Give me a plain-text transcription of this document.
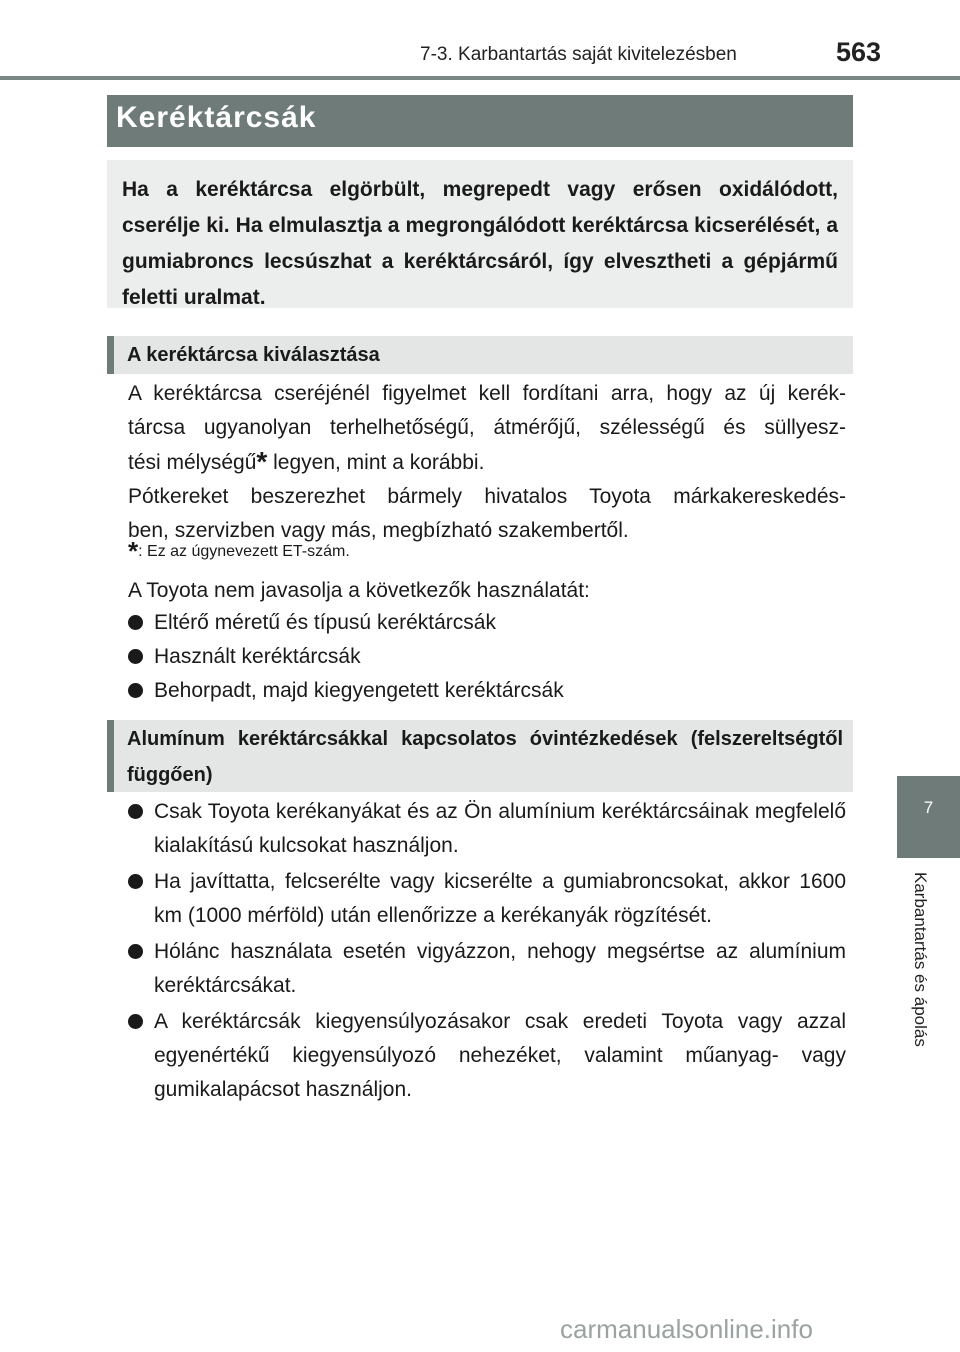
7-3. Karbantartás saját kivitelezésben	563
Keréktárcsák
Ha a keréktárcsa elgörbült, megrepedt vagy erősen oxidálódott, cserélje ki. Ha elmulasztja a megrongálódott keréktárcsa kicserélését, a gumiabroncs lecsúszhat a keréktárcsáról, így elvesztheti a gépjármű feletti uralmat.
A keréktárcsa kiválasztása
A keréktárcsa cseréjénél figyelmet kell fordítani arra, hogy az új kerék-
tárcsa ugyanolyan terhelhetőségű, átmérőjű, szélességű és süllyesz-
tési mélységű* legyen, mint a korábbi.
Pótkereket beszerezhet bármely hivatalos Toyota márkakereskedés-
ben, szervizben vagy más, megbízható szakembertől.
*: Ez az úgynevezett ET-szám.
A Toyota nem javasolja a következők használatát:
Eltérő méretű és típusú keréktárcsák
Használt keréktárcsák
Behorpadt, majd kiegyengetett keréktárcsák
Alumínum keréktárcsákkal kapcsolatos óvintézkedések (felszereltségtől függően)
Csak Toyota kerékanyákat és az Ön alumínium keréktárcsáinak megfelelő kialakítású kulcsokat használjon.
Ha javíttatta, felcserélte vagy kicserélte a gumiabroncsokat, akkor 1600 km (1000 mérföld) után ellenőrizze a kerékanyák rögzítését.
Hólánc használata esetén vigyázzon, nehogy megsértse az alumínium keréktárcsákat.
A keréktárcsák kiegyensúlyozásakor csak eredeti Toyota vagy azzal egyenértékű kiegyensúlyozó nehezéket, valamint műanyag- vagy gumikalapácsot használjon.
7
Karbantartás és ápolás
carmanualsonline.info
